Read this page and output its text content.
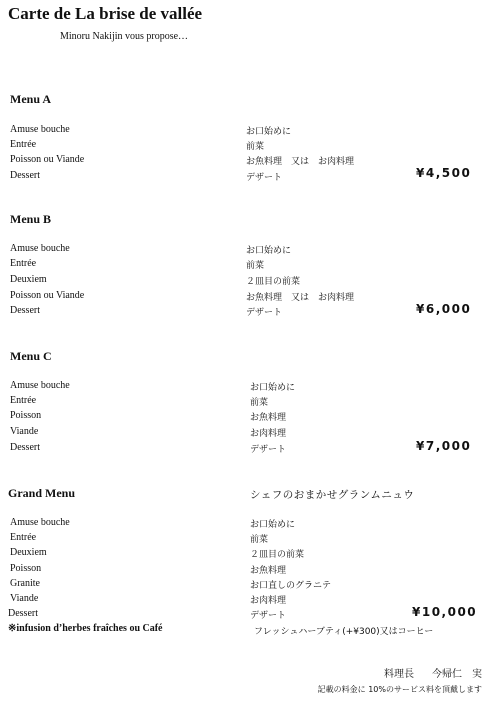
Carte de La brise de vallée
Minoru Nakijin vous propose…
Menu A
Amuse bouche	お口始めに
Entrée	前菜
Poisson ou Viande	お魚料理　又は　お肉料理
Dessert	デザート	¥4,500
Menu B
Amuse bouche	お口始めに
Entrée	前菜
Deuxiem	２皿目の前菜
Poisson ou Viande	お魚料理　又は　お肉料理
Dessert	デザート	¥6,000
Menu C
Amuse bouche	お口始めに
Entrée	前菜
Poisson	お魚料理
Viande	お肉料理
Dessert	デザート	¥7,000
Grand Menu	シェフのおまかせグランムニュウ
Amuse bouche	お口始めに
Entrée	前菜
Deuxiem	２皿目の前菜
Poisson	お魚料理
Granite	お口直しのグラニテ
Viande	お肉料理
Dessert	デザート
※infusion d’herbes fraîches ou Café	フレッシュハーブティ(+¥300)又はコーヒー
¥10,000
料理長 今帰仁　実
記載の料金に 10%のサービス料を頂戴します
